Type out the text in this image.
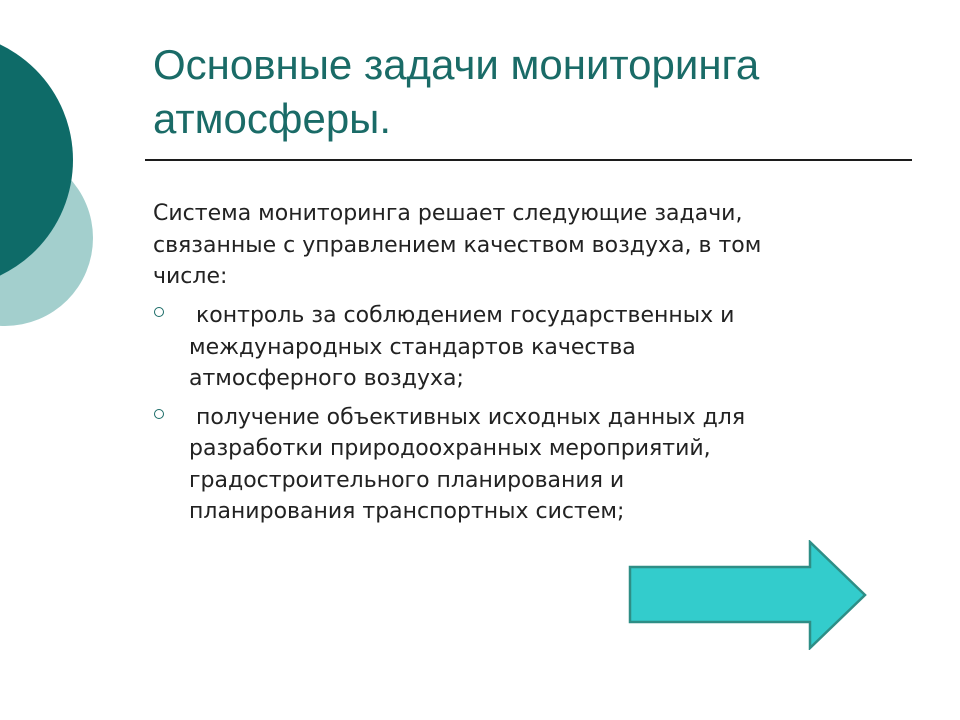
Основные задачи мониторинга
атмосферы.

Система мониторинга решает следующие задачи,
связанные с управлением качеством воздуха, в том
числе:

контроль за соблюдением государственных и
международных стандартов качества
атмосферного воздуха;
получение объективных исходных данных для
разработки природоохранных мероприятий,
градостроительного планирования и
планирования транспортных систем;
